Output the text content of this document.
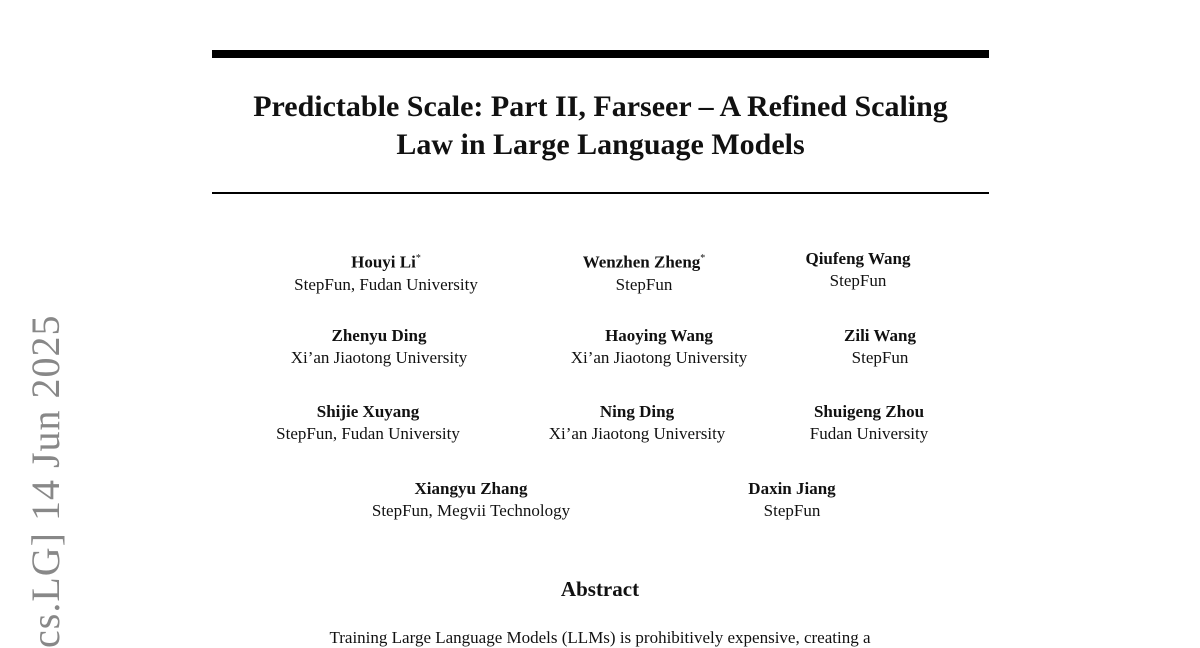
cs.LG] 14 Jun 2025
Predictable Scale: Part II, Farseer – A Refined Scaling
Law in Large Language Models
Houyi Li*
StepFun, Fudan University
Wenzhen Zheng*
StepFun
Qiufeng Wang
StepFun
Zhenyu Ding
Xi’an Jiaotong University
Haoying Wang
Xi’an Jiaotong University
Zili Wang
StepFun
Shijie Xuyang
StepFun, Fudan University
Ning Ding
Xi’an Jiaotong University
Shuigeng Zhou
Fudan University
Xiangyu Zhang
StepFun, Megvii Technology
Daxin Jiang
StepFun
Abstract
Training Large Language Models (LLMs) is prohibitively expensive, creating a
